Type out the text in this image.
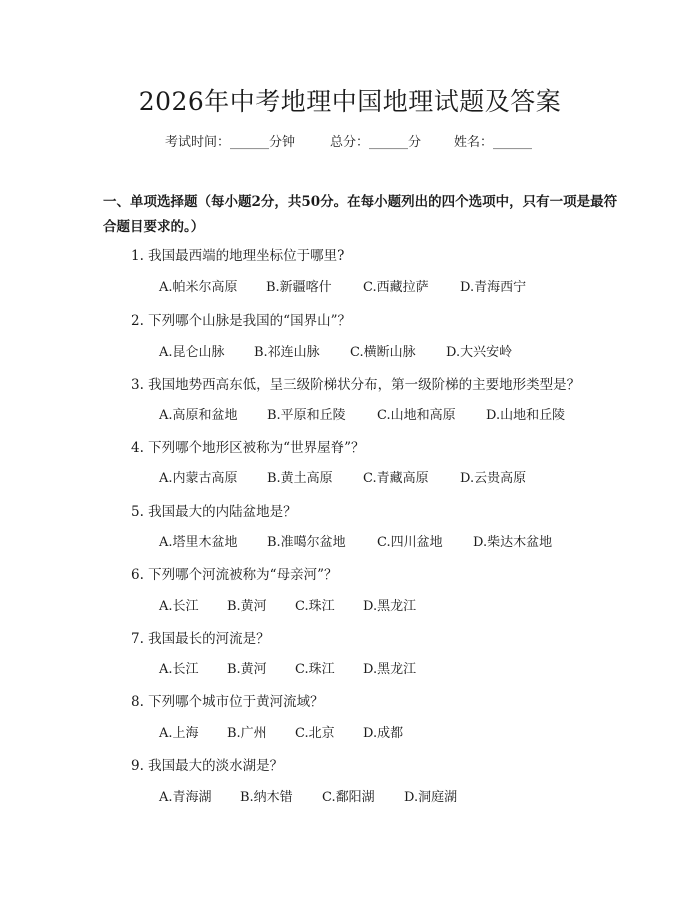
2026年中考地理中国地理试题及答案
考试时间：______分钟	总分：______分	姓名：______
一、单项选择题（每小题2分，共50分。在每小题列出的四个选项中，只有一项是最符合题目要求的。）
1. 我国最西端的地理坐标位于哪里?
A.帕米尔高原 B.新疆喀什 C.西藏拉萨 D.青海西宁
2. 下列哪个山脉是我国的“国界山”？
A.昆仑山脉 B.祁连山脉 C.横断山脉 D.大兴安岭
3. 我国地势西高东低，呈三级阶梯状分布，第一级阶梯的主要地形类型是？
A.高原和盆地 B.平原和丘陵 C.山地和高原 D.山地和丘陵
4. 下列哪个地形区被称为“世界屋脊”？
A.内蒙古高原 B.黄土高原 C.青藏高原 D.云贵高原
5. 我国最大的内陆盆地是？
A.塔里木盆地 B.准噶尔盆地 C.四川盆地 D.柴达木盆地
6. 下列哪个河流被称为“母亲河”？
A.长江 B.黄河 C.珠江 D.黑龙江
7. 我国最长的河流是？
A.长江 B.黄河 C.珠江 D.黑龙江
8. 下列哪个城市位于黄河流域？
A.上海 B.广州 C.北京 D.成都
9. 我国最大的淡水湖是？
A.青海湖 B.纳木错 C.鄱阳湖 D.洞庭湖
